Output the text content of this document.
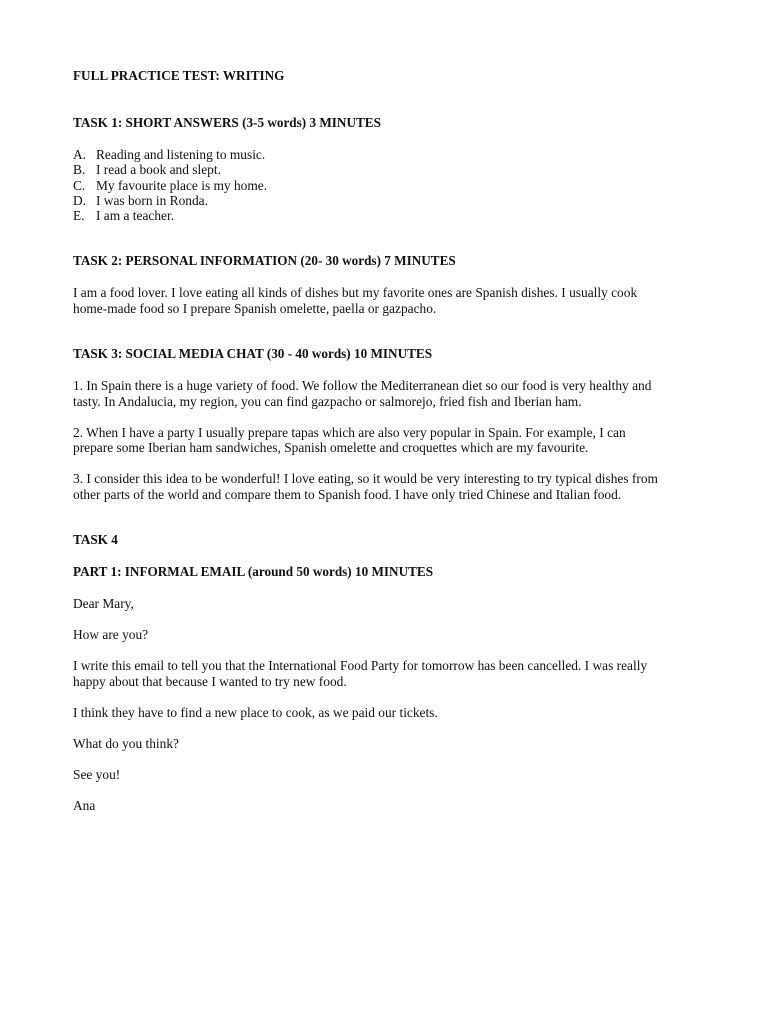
FULL PRACTICE TEST: WRITING

TASK 1: SHORT ANSWERS (3-5 words) 3 MINUTES

A. Reading and listening to music.
B. I read a book and slept.
C. My favourite place is my home.
D. I was born in Ronda.
E. I am a teacher.

TASK 2: PERSONAL INFORMATION (20- 30 words) 7 MINUTES

I am a food lover. I love eating all kinds of dishes but my favorite ones are Spanish dishes. I usually cook
home-made food so I prepare Spanish omelette, paella or gazpacho.

TASK 3: SOCIAL MEDIA CHAT (30 - 40 words) 10 MINUTES

1. In Spain there is a huge variety of food. We follow the Mediterranean diet so our food is very healthy and
tasty. In Andalucia, my region, you can find gazpacho or salmorejo, fried fish and Iberian ham.

2. When I have a party I usually prepare tapas which are also very popular in Spain. For example, I can
prepare some Iberian ham sandwiches, Spanish omelette and croquettes which are my favourite.

3. I consider this idea to be wonderful! I love eating, so it would be very interesting to try typical dishes from
other parts of the world and compare them to Spanish food. I have only tried Chinese and Italian food.

TASK 4

PART 1: INFORMAL EMAIL (around 50 words) 10 MINUTES

Dear Mary,

How are you?

I write this email to tell you that the International Food Party for tomorrow has been cancelled. I was really
happy about that because I wanted to try new food.

I think they have to find a new place to cook, as we paid our tickets.

What do you think?

See you!

Ana
